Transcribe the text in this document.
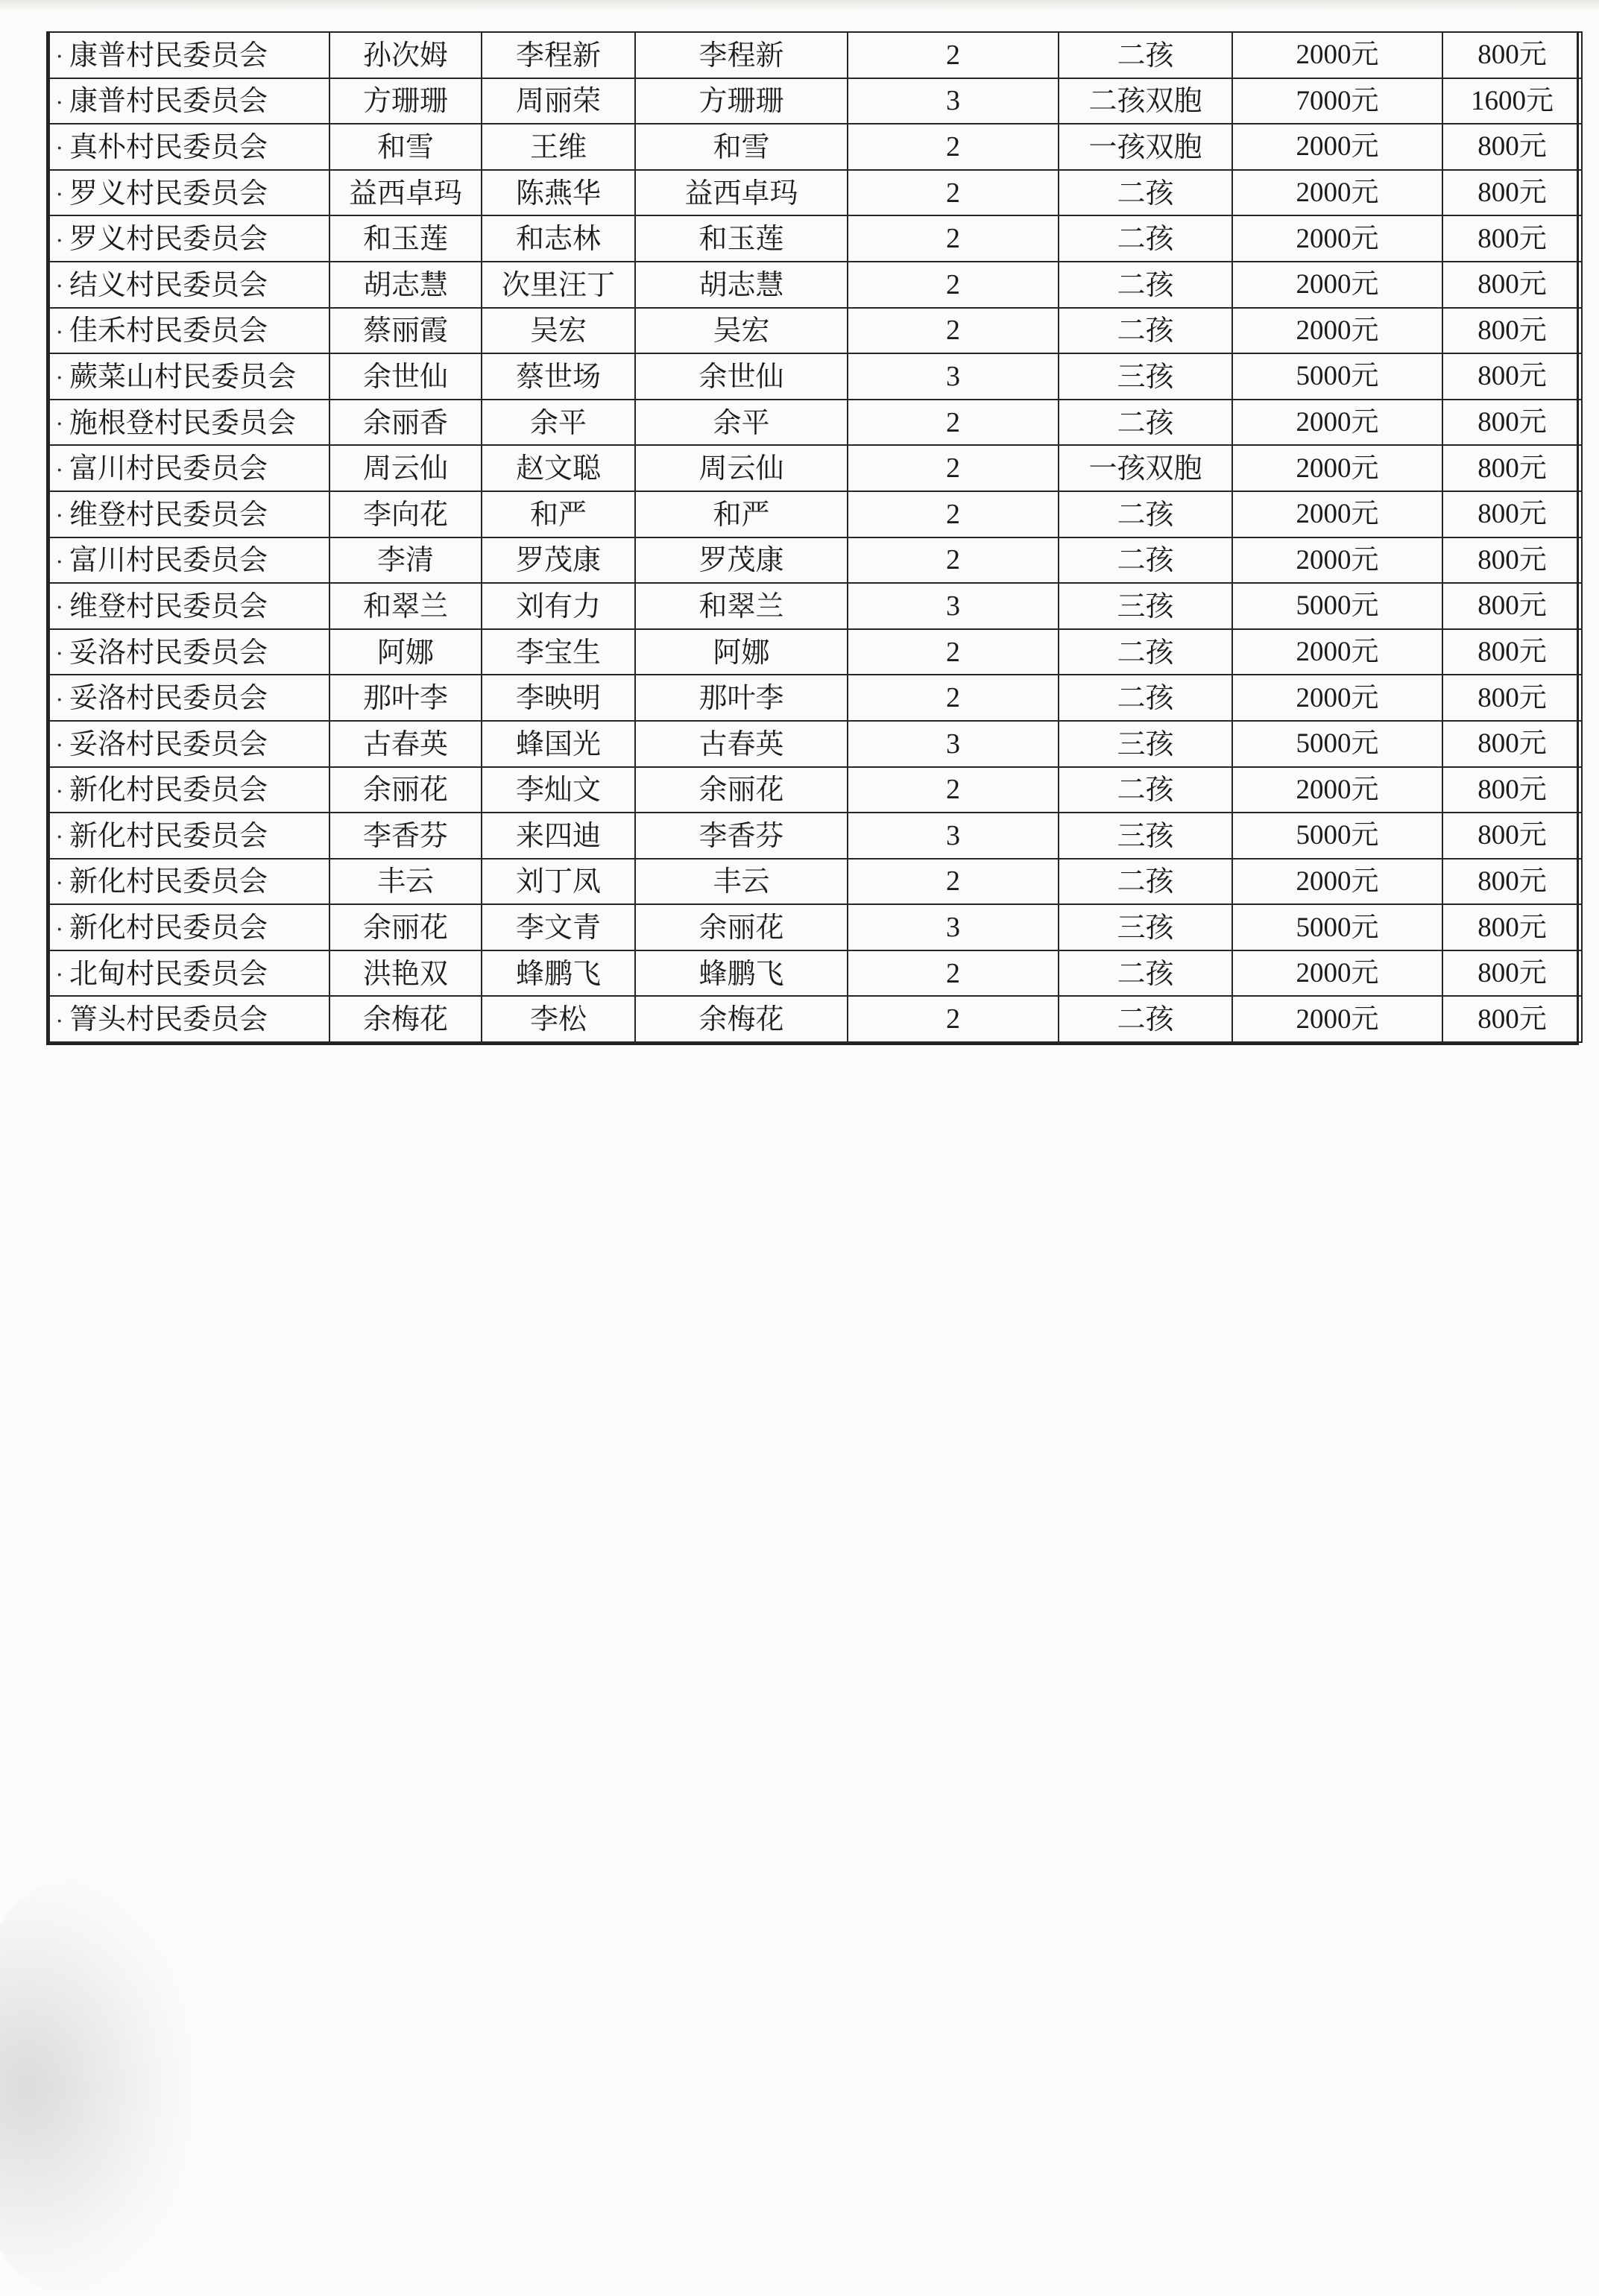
· 康普村民委员会	孙次姆	李程新	李程新	2	二孩	2000元	800元
· 康普村民委员会	方珊珊	周丽荣	方珊珊	3	二孩双胞	7000元	1600元
· 真朴村民委员会	和雪	王维	和雪	2	一孩双胞	2000元	800元
· 罗义村民委员会	益西卓玛	陈燕华	益西卓玛	2	二孩	2000元	800元
· 罗义村民委员会	和玉莲	和志林	和玉莲	2	二孩	2000元	800元
· 结义村民委员会	胡志慧	次里汪丁	胡志慧	2	二孩	2000元	800元
· 佳禾村民委员会	蔡丽霞	吴宏	吴宏	2	二孩	2000元	800元
· 蕨菜山村民委员会	余世仙	蔡世场	余世仙	3	三孩	5000元	800元
· 施根登村民委员会	余丽香	余平	余平	2	二孩	2000元	800元
· 富川村民委员会	周云仙	赵文聪	周云仙	2	一孩双胞	2000元	800元
· 维登村民委员会	李向花	和严	和严	2	二孩	2000元	800元
· 富川村民委员会	李清	罗茂康	罗茂康	2	二孩	2000元	800元
· 维登村民委员会	和翠兰	刘有力	和翠兰	3	三孩	5000元	800元
· 妥洛村民委员会	阿娜	李宝生	阿娜	2	二孩	2000元	800元
· 妥洛村民委员会	那叶李	李映明	那叶李	2	二孩	2000元	800元
· 妥洛村民委员会	古春英	蜂国光	古春英	3	三孩	5000元	800元
· 新化村民委员会	余丽花	李灿文	余丽花	2	二孩	2000元	800元
· 新化村民委员会	李香芬	来四迪	李香芬	3	三孩	5000元	800元
· 新化村民委员会	丰云	刘丁凤	丰云	2	二孩	2000元	800元
· 新化村民委员会	余丽花	李文青	余丽花	3	三孩	5000元	800元
· 北甸村民委员会	洪艳双	蜂鹏飞	蜂鹏飞	2	二孩	2000元	800元
· 箐头村民委员会	余梅花	李松	余梅花	2	二孩	2000元	800元
